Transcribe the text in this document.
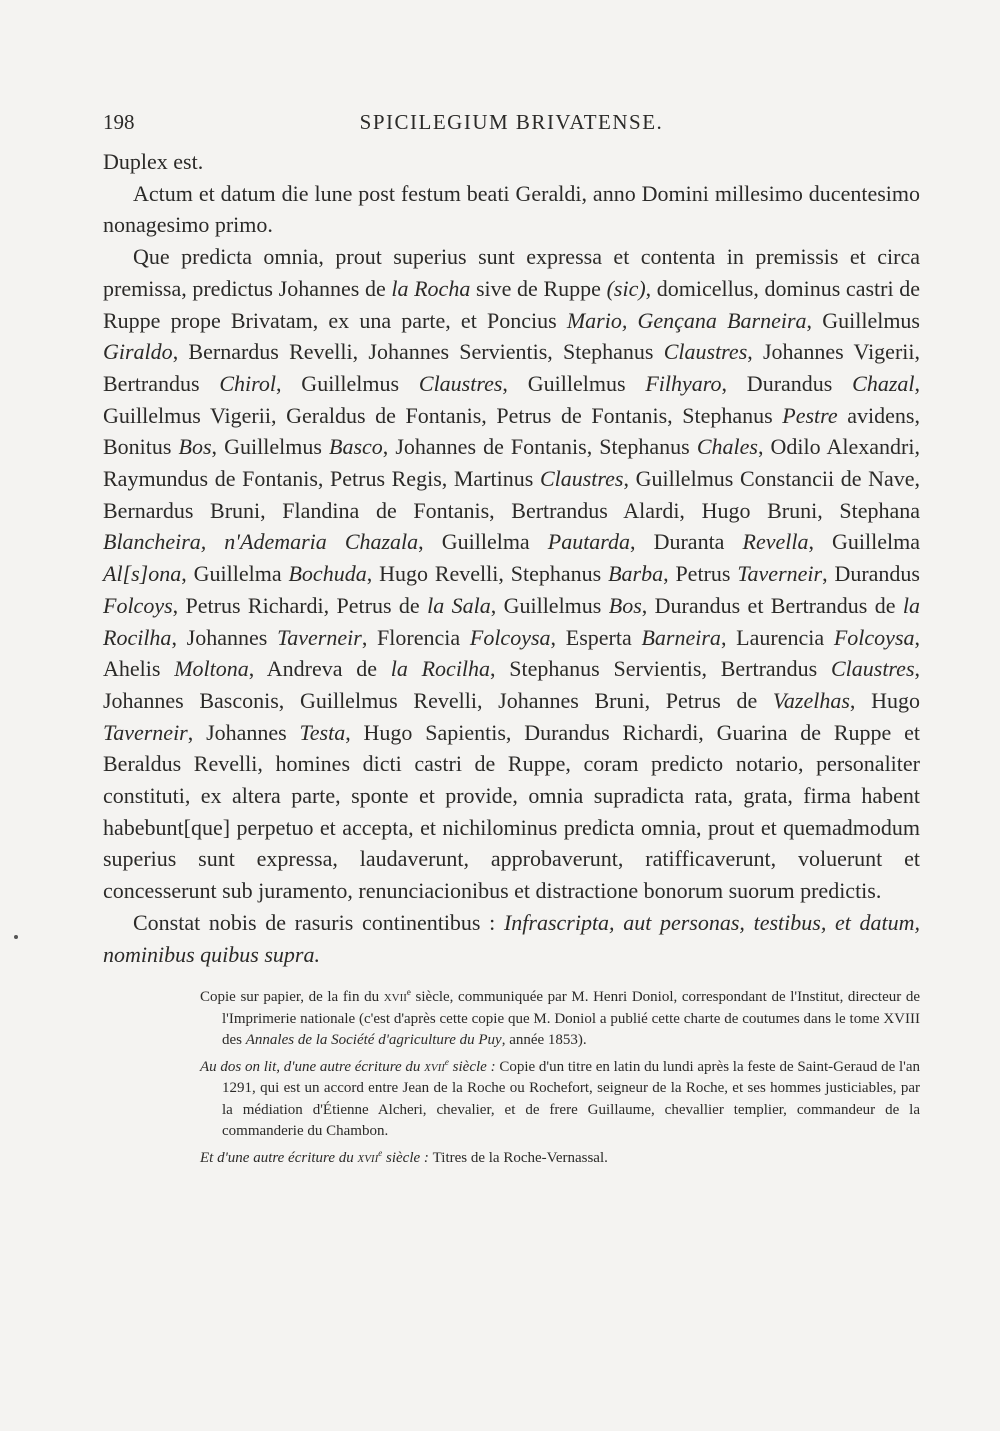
198	SPICILEGIUM BRIVATENSE.

Duplex est.

Actum et datum die lune post festum beati Geraldi, anno Domini millesimo ducentesimo nonagesimo primo.

Que predicta omnia, prout superius sunt expressa et contenta in premissis et circa premissa, predictus Johannes de la Rocha sive de Ruppe (sic), domicellus, dominus castri de Ruppe prope Brivatam, ex una parte, et Poncius Mario, Gençana Barneira, Guillelmus Giraldo, Bernardus Revelli, Johannes Servientis, Stephanus Claustres, Johannes Vigerii, Bertrandus Chirol, Guillelmus Claustres, Guillelmus Filhyaro, Durandus Chazal, Guillelmus Vigerii, Geraldus de Fontanis, Petrus de Fontanis, Stephanus Pestre avidens, Bonitus Bos, Guillelmus Basco, Johannes de Fontanis, Stephanus Chales, Odilo Alexandri, Raymundus de Fontanis, Petrus Regis, Martinus Claustres, Guillelmus Constancii de Nave, Bernardus Bruni, Flandina de Fontanis, Bertrandus Alardi, Hugo Bruni, Stephana Blancheira, n'Ademaria Chazala, Guillelma Pautarda, Duranta Revella, Guillelma Al[s]ona, Guillelma Bochuda, Hugo Revelli, Stephanus Barba, Petrus Taverneir, Durandus Folcoys, Petrus Richardi, Petrus de la Sala, Guillelmus Bos, Durandus et Bertrandus de la Rocilha, Johannes Taverneir, Florencia Folcoysa, Esperta Barneira, Laurencia Folcoysa, Ahelis Moltona, Andreva de la Rocilha, Stephanus Servientis, Bertrandus Claustres, Johannes Basconis, Guillelmus Revelli, Johannes Bruni, Petrus de Vazelhas, Hugo Taverneir, Johannes Testa, Hugo Sapientis, Durandus Richardi, Guarina de Ruppe et Beraldus Revelli, homines dicti castri de Ruppe, coram predicto notario, personaliter constituti, ex altera parte, sponte et provide, omnia supradicta rata, grata, firma habent habebunt[que] perpetuo et accepta, et nichilominus predicta omnia, prout et quemadmodum superius sunt expressa, laudaverunt, approbaverunt, ratifficaverunt, voluerunt et concesserunt sub juramento, renunciacionibus et distractione bonorum suorum predictis.

Constat nobis de rasuris continentibus : Infrascripta, aut personas, testibus, et datum, nominibus quibus supra.

Copie sur papier, de la fin du xvii$^e$ siècle, communiquée par M. Henri Doniol, correspondant de l'Institut, directeur de l'Imprimerie nationale (c'est d'après cette copie que M. Doniol a publié cette charte de coutumes dans le tome XVIII des Annales de la Société d'agriculture du Puy, année 1853).

Au dos on lit, d'une autre écriture du xvii$^e$ siècle : Copie d'un titre en latin du lundi après la feste de Saint-Geraud de l'an 1291, qui est un accord entre Jean de la Roche ou Rochefort, seigneur de la Roche, et ses hommes justiciables, par la médiation d'Étienne Alcheri, chevalier, et de frere Guillaume, chevallier templier, commandeur de la commanderie du Chambon.

Et d'une autre écriture du xvii$^e$ siècle : Titres de la Roche-Vernassal.
